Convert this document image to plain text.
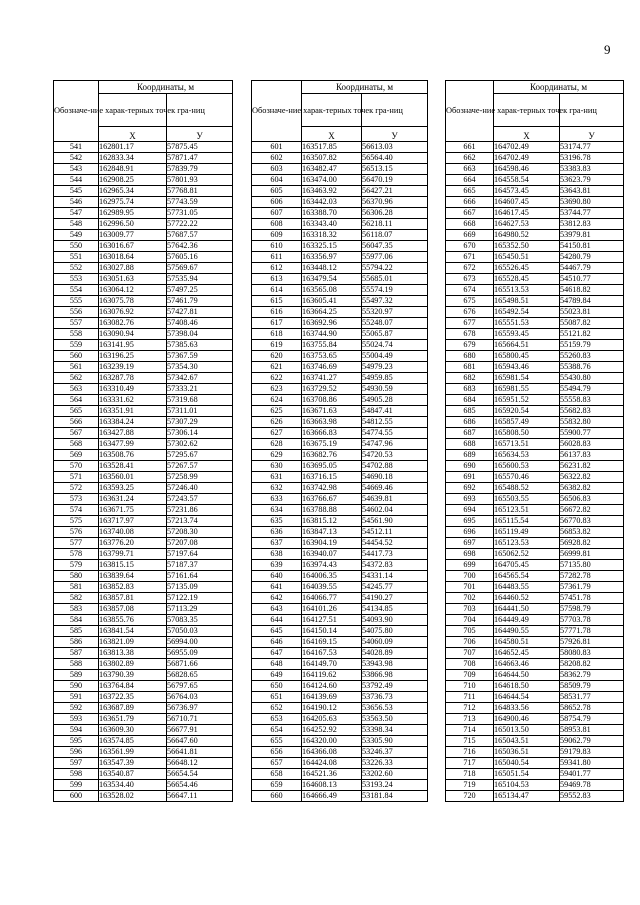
9
Обозначе-ние харак-терных точек гра-ниц	Координаты, м	

	X	У
541	162801.17	57875.45
542	162833.34	57871.47
543	162848.91	57839.79
544	162908.25	57801.93
545	162965.34	57768.81
546	162975.74	57743.59
547	162989.95	57731.05
548	162996.50	57722.22
549	163009.77	57687.57
550	163016.67	57642.36
551	163018.64	57605.16
552	163027.88	57569.67
553	163051.63	57535.94
554	163064.12	57497.25
555	163075.78	57461.79
556	163076.92	57427.81
557	163082.76	57408.46
558	163090.94	57398.04
559	163141.95	57385.63
560	163196.25	57367.59
561	163239.19	57354.30
562	163287.78	57342.67
563	163310.49	57333.21
564	163331.62	57319.68
565	163351.91	57311.01
566	163384.24	57307.29
567	163427.88	57306.14
568	163477.99	57302.62
569	163508.76	57295.67
570	163528.41	57267.57
571	163560.01	57258.99
572	163593.25	57246.40
573	163631.24	57243.57
574	163671.75	57231.86
575	163717.97	57213.74
576	163740.08	57208.30
577	163776.20	57207.08
578	163799.71	57197.64
579	163815.15	57187.37
580	163839.64	57161.64
581	163852.83	57135.09
582	163857.81	57122.19
583	163857.08	57113.29
584	163855.76	57083.35
585	163841.54	57050.03
586	163821.09	56994.00
587	163813.38	56955.09
588	163802.89	56871.66
589	163790.39	56828.65
590	163764.84	56797.65
591	163722.35	56764.03
592	163687.89	56736.97
593	163651.79	56710.71
594	163609.30	56677.91
595	163574.85	56647.60
596	163561.99	56641.81
597	163547.39	56648.12
598	163540.87	56654.54
599	163534.40	56654.46
600	163528.02	56647.11
Обозначе-ние харак-терных точек гра-ниц	Координаты, м	

	X	У
601	163517.85	56613.03
602	163507.82	56564.40
603	163482.47	56513.15
604	163474.00	56470.19
605	163463.92	56427.21
606	163442.03	56370.96
607	163388.70	56306.28
608	163343.40	56218.11
609	163318.32	56118.07
610	163325.15	56047.35
611	163356.97	55977.06
612	163448.12	55794.22
613	163479.54	55685.01
614	163565.08	55574.19
615	163605.41	55497.32
616	163664.25	55320.97
617	163692.96	55248.07
618	163744.90	55065.87
619	163755.84	55024.74
620	163753.65	55004.49
621	163746.69	54979.23
622	163741.27	54959.85
623	163729.52	54930.59
624	163708.86	54905.28
625	163671.63	54847.41
626	163663.98	54812.55
627	163666.83	54774.55
628	163675.19	54747.96
629	163682.76	54720.53
630	163695.05	54702.88
631	163716.15	54690.18
632	163742.98	54669.46
633	163766.67	54639.81
634	163788.88	54602.04
635	163815.12	54561.90
636	163847.13	54512.11
637	163904.19	54454.52
638	163940.07	54417.73
639	163974.43	54372.83
640	164006.35	54331.14
641	164039.55	54245.77
642	164066.77	54190.27
643	164101.26	54134.85
644	164127.51	54093.90
645	164150.14	54075.80
646	164169.15	54060.09
647	164167.53	54028.89
648	164149.70	53943.98
649	164119.62	53866.98
650	164124.60	53792.49
651	164139.69	53736.73
652	164190.12	53656.53
653	164205.63	53563.50
654	164252.92	53398.34
655	164320.00	53305.90
656	164366.08	53246.37
657	164424.08	53226.33
658	164521.36	53202.60
659	164608.13	53193.24
660	164666.49	53181.84
Обозначе-ние харак-терных точек гра-ниц	Координаты, м	

	X	У
661	164702.49	53174.77
662	164702.49	53196.78
663	164598.46	53383.83
664	164558.54	53623.79
665	164573.45	53643.81
666	164607.45	53690.80
667	164617.45	53744.77
668	164627.53	53812.83
669	164980.52	53979.81
670	165352.50	54150.81
671	165450.51	54280.79
672	165526.45	54467.79
673	165528.45	54510.77
674	165513.53	54618.82
675	165498.51	54789.84
676	165492.54	55023.81
677	165551.53	55087.82
678	165593.45	55121.82
679	165664.51	55159.79
680	165800.45	55260.83
681	165943.46	55388.76
682	165981.54	55430.80
683	165981.55	55494.79
684	165951.52	55558.83
685	165920.54	55682.83
686	165857.49	55832.80
687	165808.50	55900.77
688	165713.51	56028.83
689	165634.53	56137.83
690	165600.53	56231.82
691	165570.46	56322.82
692	165488.52	56382.82
693	165503.55	56506.83
694	165123.51	56672.82
695	165115.54	56770.83
696	165119.49	56853.82
697	165123.53	56928.82
698	165062.52	56999.81
699	164705.45	57135.80
700	164565.54	57282.78
701	164483.55	57361.79
702	164460.52	57451.78
703	164441.50	57598.79
704	164449.49	57703.78
705	164490.55	57771.78
706	164580.51	57926.81
707	164652.45	58080.83
708	164663.46	58208.82
709	164644.50	58362.79
710	164618.50	58509.79
711	164644.54	58531.77
712	164833.56	58652.78
713	164900.46	58754.79
714	165013.50	58953.81
715	165043.51	59062.79
716	165036.51	59179.83
717	165040.54	59341.80
718	165051.54	59401.77
719	165104.53	59469.78
720	165134.47	59552.83
